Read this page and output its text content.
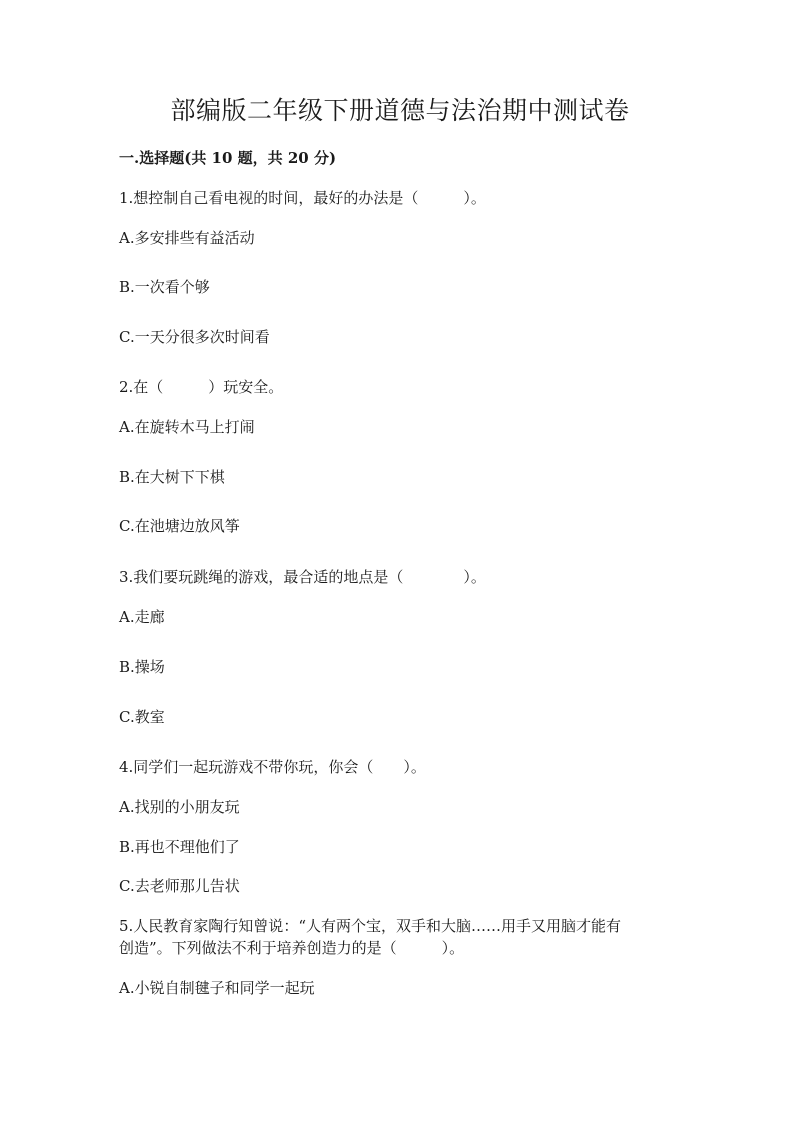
部编版二年级下册道德与法治期中测试卷
一.选择题(共 10 题，共 20 分)
1.想控制自己看电视的时间，最好的办法是（　　　）。
A.多安排些有益活动
B.一次看个够
C.一天分很多次时间看
2.在（　　　）玩安全。
A.在旋转木马上打闹
B.在大树下下棋
C.在池塘边放风筝
3.我们要玩跳绳的游戏，最合适的地点是（　　　　）。
A.走廊
B.操场
C.教室
4.同学们一起玩游戏不带你玩，你会（　　）。
A.找别的小朋友玩
B.再也不理他们了
C.去老师那儿告状
5.人民教育家陶行知曾说：“人有两个宝，双手和大脑……用手又用脑才能有
创造”。下列做法不利于培养创造力的是（　　　）。
A.小锐自制毽子和同学一起玩
